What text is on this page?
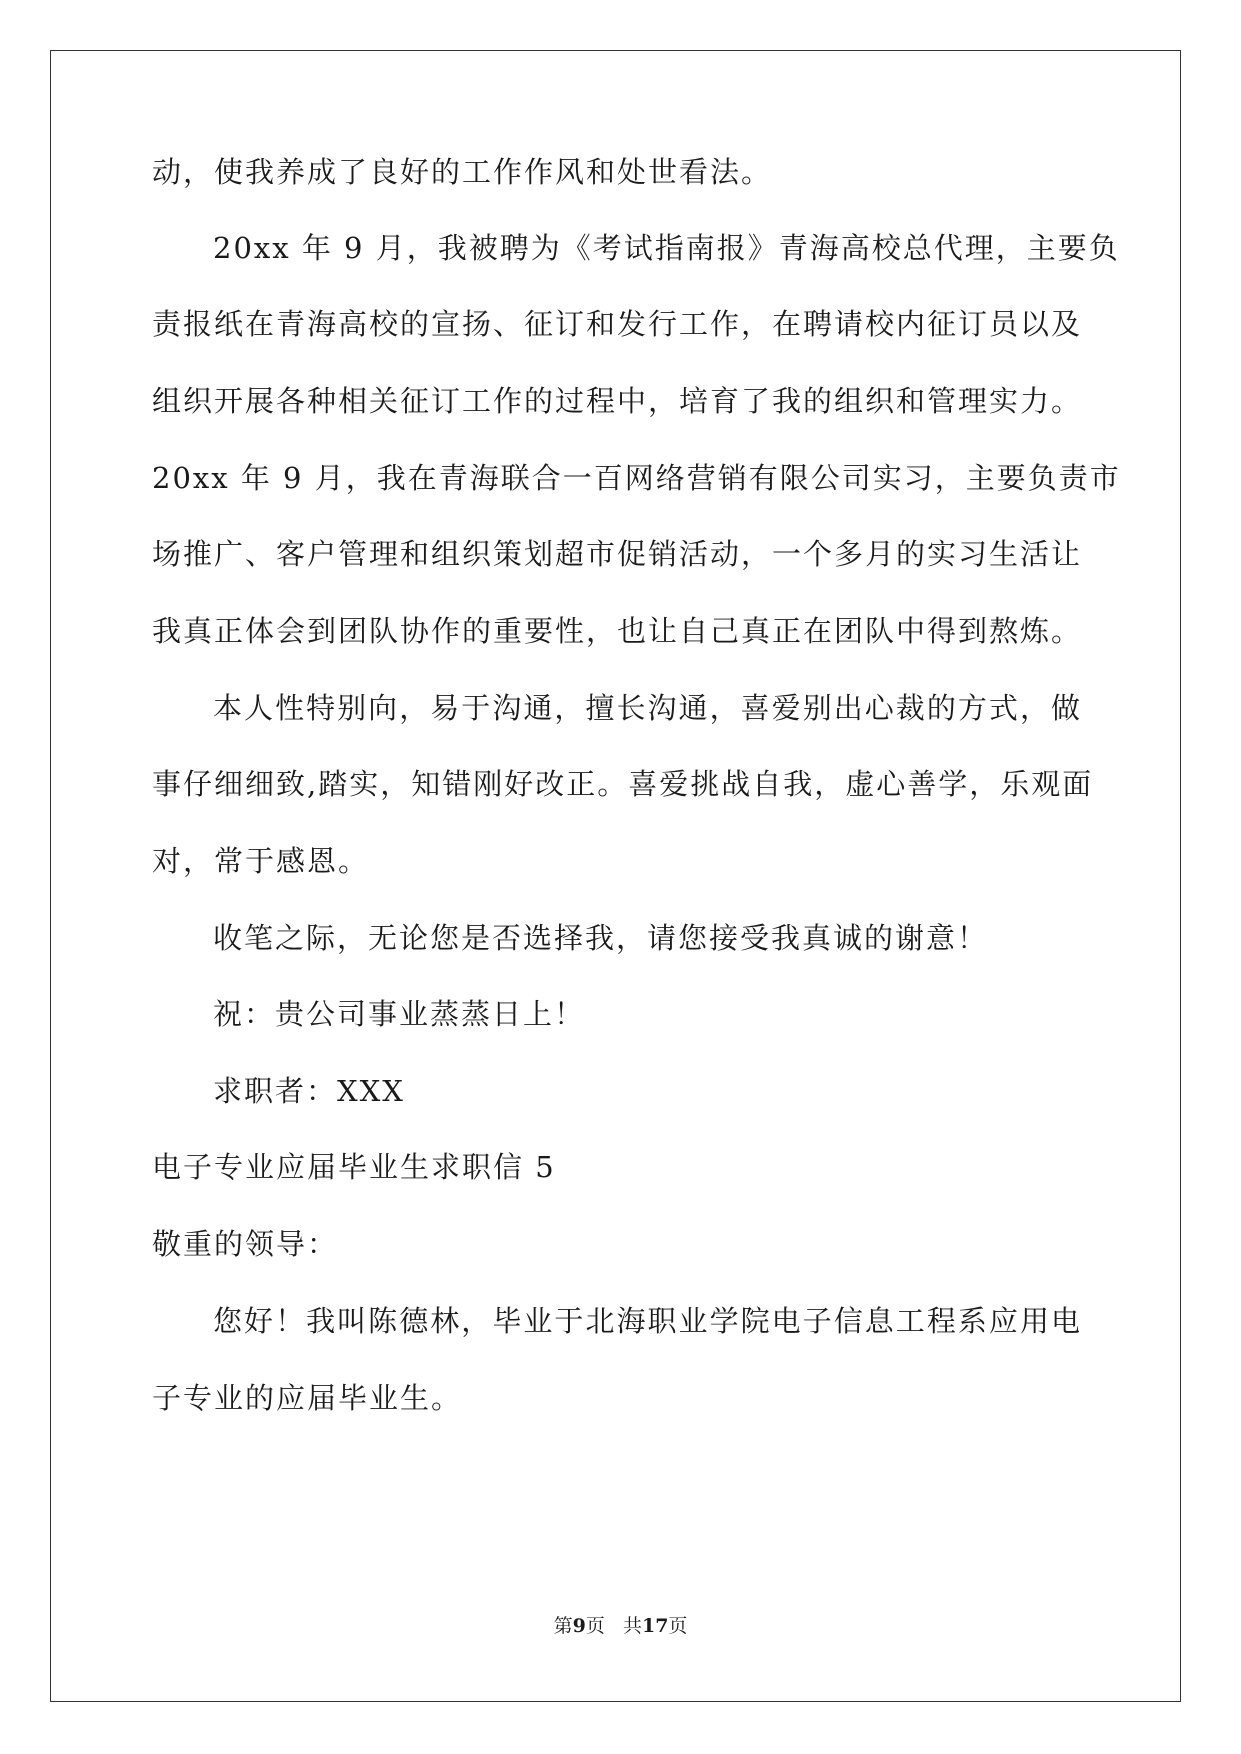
动，使我养成了良好的工作作风和处世看法。
20xx 年 9 月，我被聘为《考试指南报》青海高校总代理，主要负
责报纸在青海高校的宣扬、征订和发行工作，在聘请校内征订员以及
组织开展各种相关征订工作的过程中，培育了我的组织和管理实力。
20xx 年 9 月，我在青海联合一百网络营销有限公司实习，主要负责市
场推广、客户管理和组织策划超市促销活动，一个多月的实习生活让
我真正体会到团队协作的重要性，也让自己真正在团队中得到熬炼。
本人性特别向，易于沟通，擅长沟通，喜爱别出心裁的方式，做
事仔细细致,踏实，知错刚好改正。喜爱挑战自我，虚心善学，乐观面
对，常于感恩。
收笔之际，无论您是否选择我，请您接受我真诚的谢意！
祝：贵公司事业蒸蒸日上！
求职者：XXX
电子专业应届毕业生求职信 5
敬重的领导：
您好！我叫陈德林，毕业于北海职业学院电子信息工程系应用电
子专业的应届毕业生。
第9页 共17页
